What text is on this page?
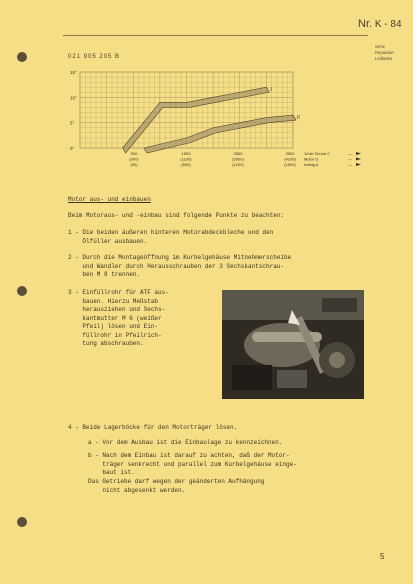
Nr. K - 84
siehe
Reparatur-
Leitfaden
021 905 205 B
I
II
15°
10°
5°
0°
500
(900)
(50)
1500
(1100)
(500)
2500
(3500)
(1200)
3500
(4100)
(1500)
1/min Schub C	—
Motor D	—
mahig A	—
Motor aus- und einbauen
Beim Motoraus- und -einbau sind folgende Punkte zu beachten:
1 - Die beiden äußeren hinteren Motorabdeckbleche und den
Ölfüller ausbauen.
2 - Durch die Montageöffnung im Kurbelgehäuse Mitnehmerscheibe
und Wandler durch Herausschrauben der 3 Sechskantschrau-
ben M 8 trennen.
3 - Einfüllrohr für ATF aus-
bauen. Hierzu Meßstab
herausziehen und Sechs-
kantmutter M 6 (weißer
Pfeil) lösen und Ein-
füllrohr in Pfeilrich-
tung abschrauben.
4 - Beide Lagerböcke für den Motorträger lösen.
a - Vor dem Ausbau ist die Einbaulage zu kennzeichnen.
b - Nach dem Einbau ist darauf zu achten, daß der Motor-
träger senkrecht und parallel zum Kurbelgehäuse einge-
baut ist.
Das Getriebe darf wegen der geänderten Aufhängung
nicht abgesenkt werden.
5
